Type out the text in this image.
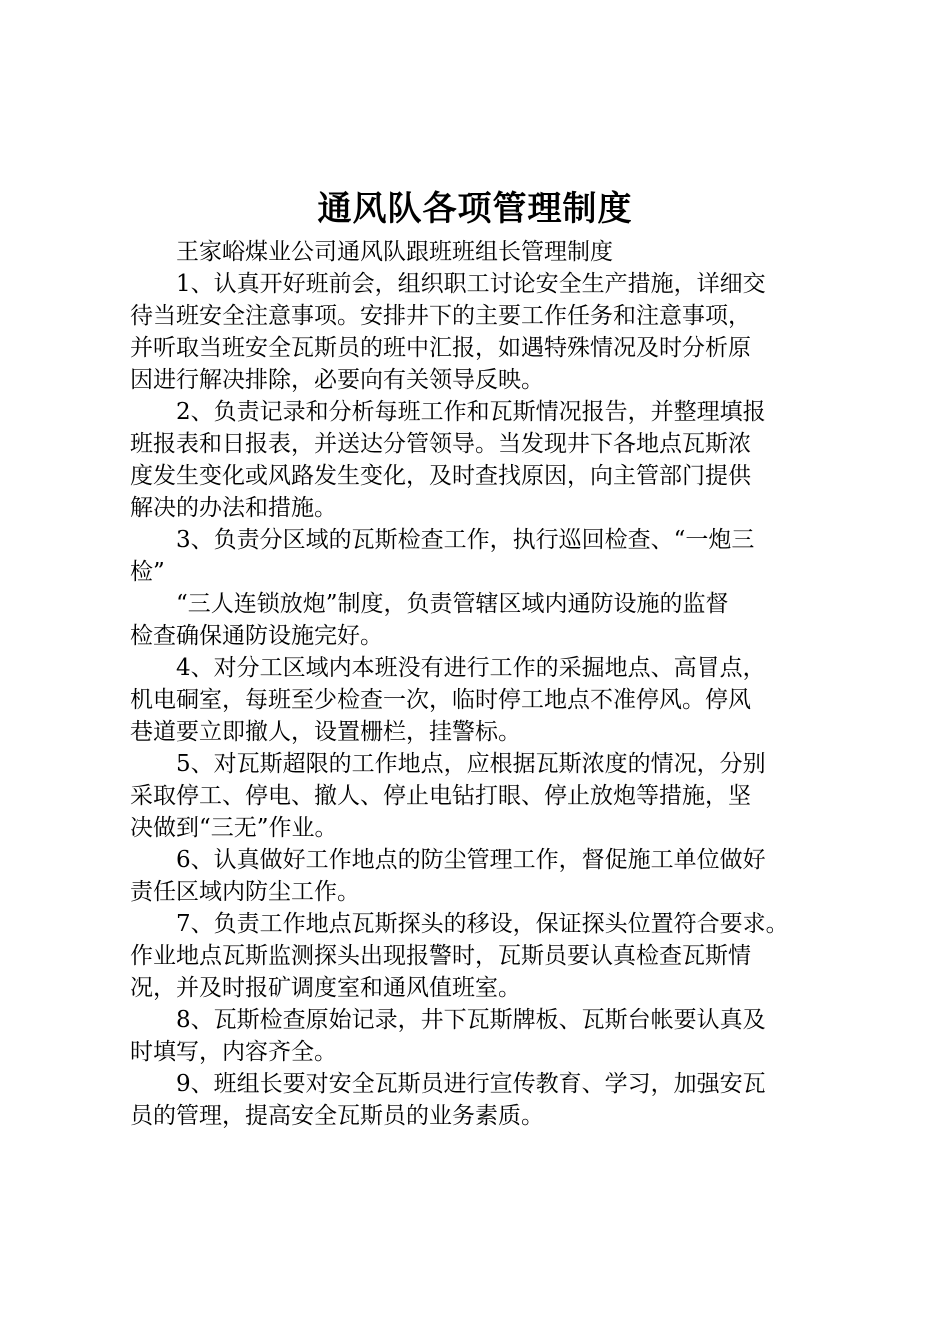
通风队各项管理制度
王家峪煤业公司通风队跟班班组长管理制度
1、认真开好班前会，组织职工讨论安全生产措施，详细交
待当班安全注意事项。安排井下的主要工作任务和注意事项，
并听取当班安全瓦斯员的班中汇报，如遇特殊情况及时分析原
因进行解决排除，必要向有关领导反映。
2、负责记录和分析每班工作和瓦斯情况报告，并整理填报
班报表和日报表，并送达分管领导。当发现井下各地点瓦斯浓
度发生变化或风路发生变化，及时查找原因，向主管部门提供
解决的办法和措施。
3、负责分区域的瓦斯检查工作，执行巡回检查、“一炮三
检”
“三人连锁放炮”制度，负责管辖区域内通防设施的监督
检查确保通防设施完好。
4、对分工区域内本班没有进行工作的采掘地点、高冒点，
机电硐室，每班至少检查一次，临时停工地点不准停风。停风
巷道要立即撤人，设置栅栏，挂警标。
5、对瓦斯超限的工作地点，应根据瓦斯浓度的情况，分别
采取停工、停电、撤人、停止电钻打眼、停止放炮等措施，坚
决做到“三无”作业。
6、认真做好工作地点的防尘管理工作，督促施工单位做好
责任区域内防尘工作。
7、负责工作地点瓦斯探头的移设，保证探头位置符合要求。
作业地点瓦斯监测探头出现报警时，瓦斯员要认真检查瓦斯情
况，并及时报矿调度室和通风值班室。
8、瓦斯检查原始记录，井下瓦斯牌板、瓦斯台帐要认真及
时填写，内容齐全。
9、班组长要对安全瓦斯员进行宣传教育、学习，加强安瓦
员的管理，提高安全瓦斯员的业务素质。
